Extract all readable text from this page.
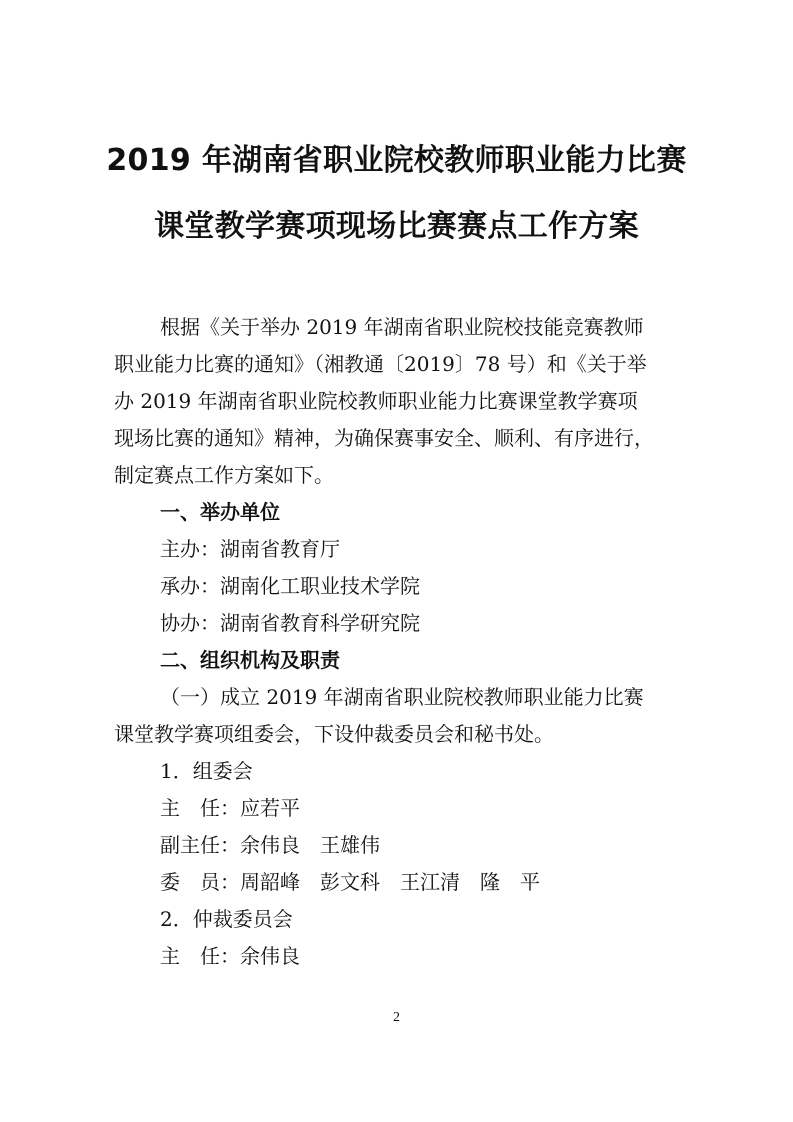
2019 年湖南省职业院校教师职业能力比赛
课堂教学赛项现场比赛赛点工作方案
根据《关于举办 2019 年湖南省职业院校技能竞赛教师
职业能力比赛的通知》（湘教通〔2019〕78 号）和《关于举
办 2019 年湖南省职业院校教师职业能力比赛课堂教学赛项
现场比赛的通知》精神，为确保赛事安全、顺利、有序进行，
制定赛点工作方案如下。
一、举办单位
主办：湖南省教育厅
承办：湖南化工职业技术学院
协办：湖南省教育科学研究院
二、组织机构及职责
（一）成立 2019 年湖南省职业院校教师职业能力比赛
课堂教学赛项组委会，下设仲裁委员会和秘书处。
1．组委会
主　任：应若平
副主任：余伟良　王雄伟
委　员：周韶峰　彭文科　王江清　隆　平
2．仲裁委员会
主　任：余伟良
2
